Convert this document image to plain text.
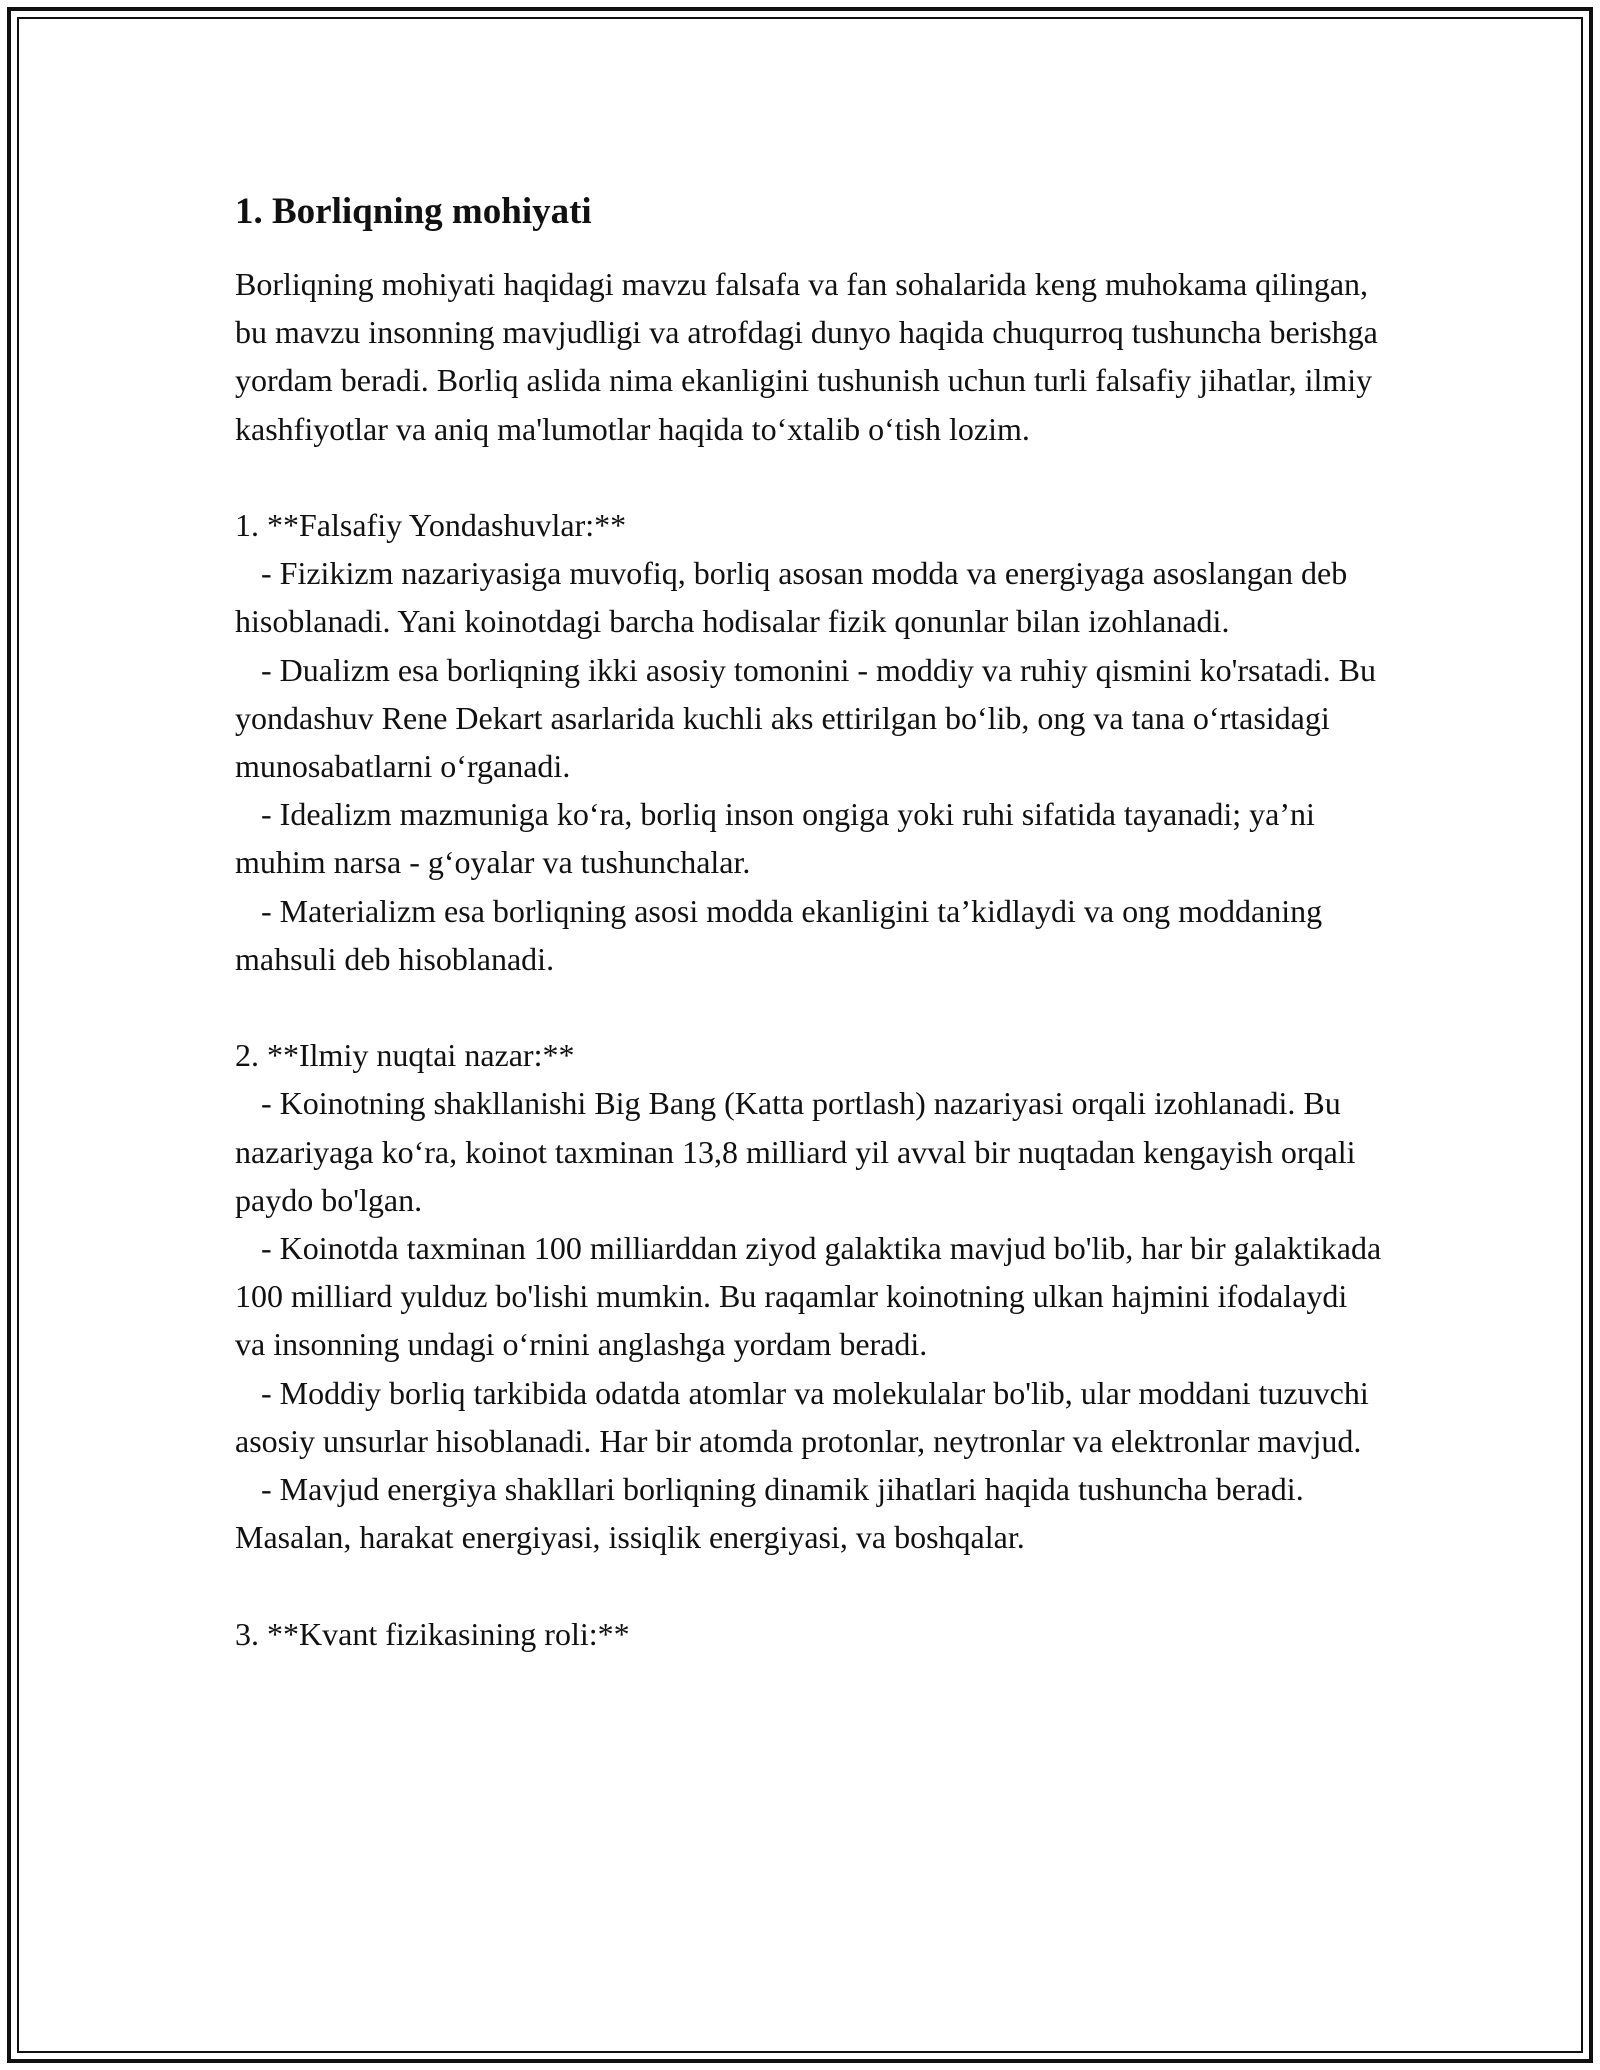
1. Borliqning mohiyati

Borliqning mohiyati haqidagi mavzu falsafa va fan sohalarida keng muhokama qilingan, bu mavzu insonning mavjudligi va atrofdagi dunyo haqida chuqurroq tushuncha berishga yordam beradi. Borliq aslida nima ekanligini tushunish uchun turli falsafiy jihatlar, ilmiy kashfiyotlar va aniq ma'lumotlar haqida to‘xtalib o‘tish lozim.

1. **Falsafiy Yondashuvlar:**

- Fizikizm nazariyasiga muvofiq, borliq asosan modda va energiyaga asoslangan deb hisoblanadi. Yani koinotdagi barcha hodisalar fizik qonunlar bilan izohlanadi.

- Dualizm esa borliqning ikki asosiy tomonini - moddiy va ruhiy qismini ko'rsatadi. Bu yondashuv Rene Dekart asarlarida kuchli aks ettirilgan bo‘lib, ong va tana o‘rtasidagi munosabatlarni o‘rganadi.

- Idealizm mazmuniga ko‘ra, borliq inson ongiga yoki ruhi sifatida tayanadi; ya’ni muhim narsa - g‘oyalar va tushunchalar.

- Materializm esa borliqning asosi modda ekanligini ta’kidlaydi va ong moddaning mahsuli deb hisoblanadi.

2. **Ilmiy nuqtai nazar:**

- Koinotning shakllanishi Big Bang (Katta portlash) nazariyasi orqali izohlanadi. Bu nazariyaga ko‘ra, koinot taxminan 13,8 milliard yil avval bir nuqtadan kengayish orqali paydo bo'lgan.

- Koinotda taxminan 100 milliarddan ziyod galaktika mavjud bo'lib, har bir galaktikada 100 milliard yulduz bo'lishi mumkin. Bu raqamlar koinotning ulkan hajmini ifodalaydi va insonning undagi o‘rnini anglashga yordam beradi.

- Moddiy borliq tarkibida odatda atomlar va molekulalar bo'lib, ular moddani tuzuvchi asosiy unsurlar hisoblanadi. Har bir atomda protonlar, neytronlar va elektronlar mavjud.

- Mavjud energiya shakllari borliqning dinamik jihatlari haqida tushuncha beradi. Masalan, harakat energiyasi, issiqlik energiyasi, va boshqalar.

3. **Kvant fizikasining roli:**
